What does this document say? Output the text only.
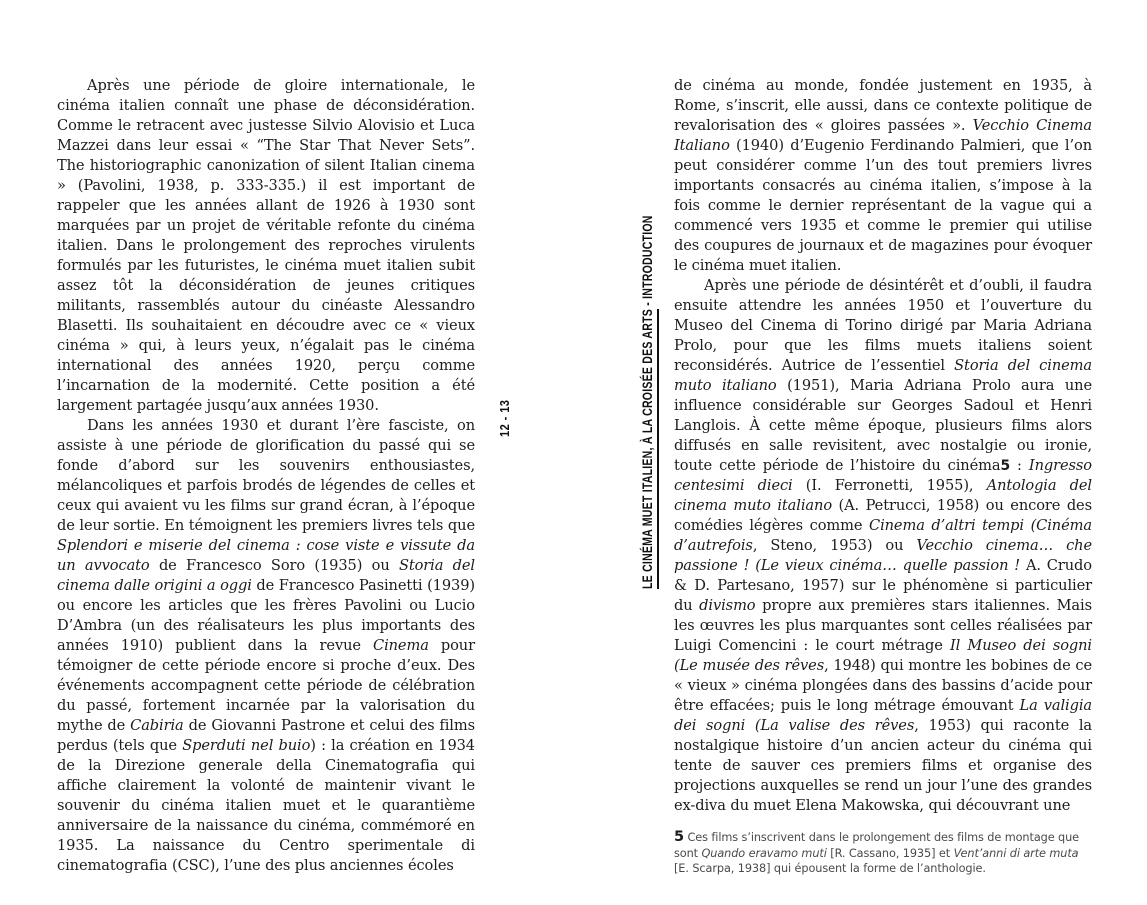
Après une période de gloire internationale, le cinéma italien connaît une phase de déconsidération. Comme le retracent avec justesse Silvio Alovisio et Luca Mazzei dans leur essai « “The Star That Never Sets”. The historiographic canonization of silent Italian cinema » (Pavolini, 1938, p. 333-335.) il est important de rappeler que les années allant de 1926 à 1930 sont marquées par un projet de véritable refonte du cinéma italien. Dans le prolongement des reproches virulents formulés par les futuristes, le cinéma muet italien subit assez tôt la déconsidération de jeunes critiques militants, rassemblés autour du cinéaste Alessandro Blasetti. Ils souhaitaient en découdre avec ce « vieux cinéma » qui, à leurs yeux, n’égalait pas le cinéma international des années 1920, perçu comme l’incarnation de la modernité. Cette position a été largement partagée jusqu’aux années 1930.

Dans les années 1930 et durant l’ère fasciste, on assiste à une période de glorification du passé qui se fonde d’abord sur les souvenirs enthousiastes, mélancoliques et parfois brodés de légendes de celles et ceux qui avaient vu les films sur grand écran, à l’époque de leur sortie. En témoignent les premiers livres tels que Splendori e miserie del cinema : cose viste e vissute da un avvocato de Francesco Soro (1935) ou Storia del cinema dalle origini a oggi de Francesco Pasinetti (1939) ou encore les articles que les frères Pavolini ou Lucio D’Ambra (un des réalisateurs les plus importants des années 1910) publient dans la revue Cinema pour témoigner de cette période encore si proche d’eux. Des événements accompagnent cette période de célébration du passé, fortement incarnée par la valorisation du mythe de Cabiria de Giovanni Pastrone et celui des films perdus (tels que Sperduti nel buio) : la création en 1934 de la Direzione generale della Cinematografia qui affiche clairement la volonté de maintenir vivant le souvenir du cinéma italien muet et le quarantième anniversaire de la naissance du cinéma, commémoré en 1935. La naissance du Centro sperimentale di cinematografia (CSC), l’une des plus anciennes écoles

de cinéma au monde, fondée justement en 1935, à Rome, s’inscrit, elle aussi, dans ce contexte politique de revalorisation des « gloires passées ». Vecchio Cinema Italiano (1940) d’Eugenio Ferdinando Palmieri, que l’on peut considérer comme l’un des tout premiers livres importants consacrés au cinéma italien, s’impose à la fois comme le dernier représentant de la vague qui a commencé vers 1935 et comme le premier qui utilise des coupures de journaux et de magazines pour évoquer le cinéma muet italien.

Après une période de désintérêt et d’oubli, il faudra ensuite attendre les années 1950 et l’ouverture du Museo del Cinema di Torino dirigé par Maria Adriana Prolo, pour que les films muets italiens soient reconsidérés. Autrice de l’essentiel Storia del cinema muto italiano (1951), Maria Adriana Prolo aura une influence considérable sur Georges Sadoul et Henri Langlois. À cette même époque, plusieurs films alors diffusés en salle revisitent, avec nostalgie ou ironie, toute cette période de l’histoire du cinéma5 : Ingresso centesimi dieci (I. Ferronetti, 1955), Antologia del cinema muto italiano (A. Petrucci, 1958) ou encore des comédies légères comme Cinema d’altri tempi (Cinéma d’autrefois, Steno, 1953) ou Vecchio cinema… che passione ! (Le vieux cinéma… quelle passion ! A. Crudo & D. Partesano, 1957) sur le phénomène si particulier du divismo propre aux premières stars italiennes. Mais les œuvres les plus marquantes sont celles réalisées par Luigi Comencini : le court métrage Il Museo dei sogni (Le musée des rêves, 1948) qui montre les bobines de ce « vieux » cinéma plongées dans des bassins d’acide pour être effacées; puis le long métrage émouvant La valigia dei sogni (La valise des rêves, 1953) qui raconte la nostalgique histoire d’un ancien acteur du cinéma qui tente de sauver ces premiers films et organise des projections auxquelles se rend un jour l’une des grandes ex-diva du muet Elena Makowska, qui découvrant une

5 Ces films s’inscrivent dans le prolongement des films de montage que sont Quando eravamo muti [R. Cassano, 1935] et Vent’anni di arte muta [E. Scarpa, 1938] qui épousent la forme de l’anthologie.

12 - 13	LE CINÉMA MUET ITALIEN, À LA CROISÉE DES ARTS - INTRODUCTION
